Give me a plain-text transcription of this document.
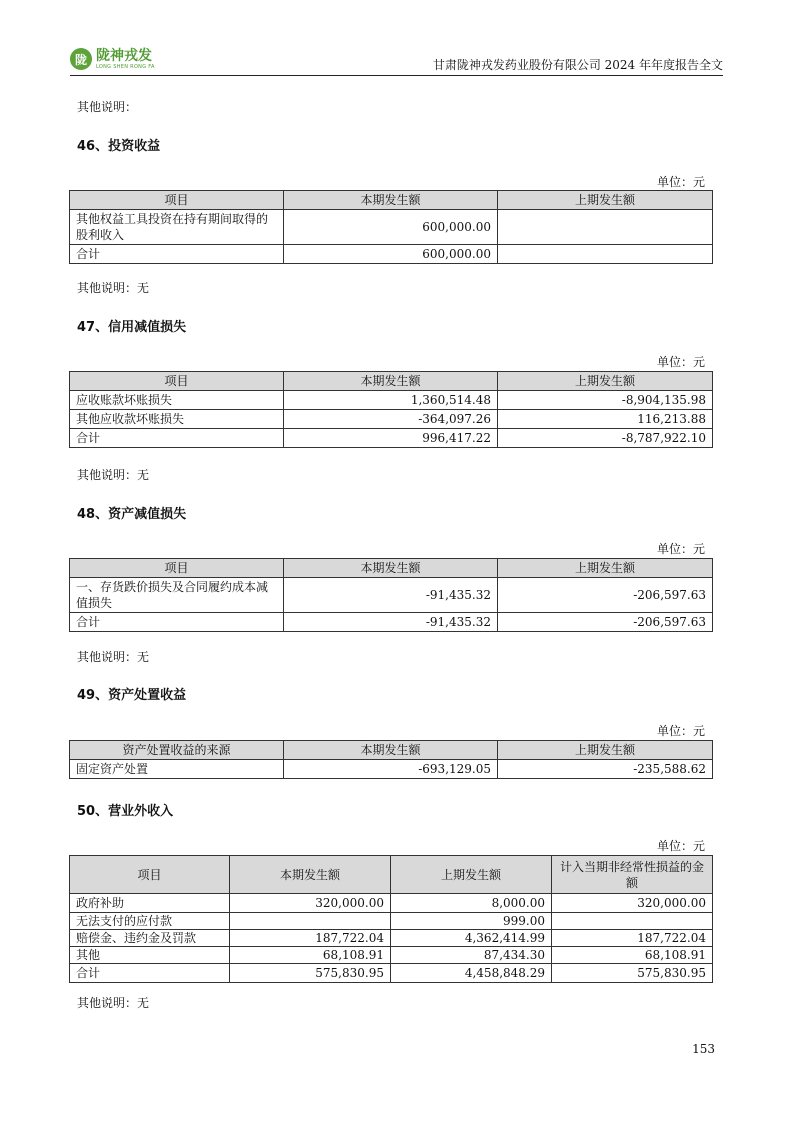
陇 陇神戎发
LONG SHEN RONG FA	甘肃陇神戎发药业股份有限公司 2024 年年度报告全文
其他说明：
46、投资收益
单位：元
项目	本期发生额	上期发生额
其他权益工具投资在持有期间取得的股利收入	600,000.00	
合计	600,000.00	
其他说明：无
47、信用减值损失
单位：元
项目	本期发生额	上期发生额
应收账款坏账损失	1,360,514.48	-8,904,135.98
其他应收款坏账损失	-364,097.26	116,213.88
合计	996,417.22	-8,787,922.10
其他说明：无
48、资产减值损失
单位：元
项目	本期发生额	上期发生额
一、存货跌价损失及合同履约成本减值损失	-91,435.32	-206,597.63
合计	-91,435.32	-206,597.63
其他说明：无
49、资产处置收益
单位：元
资产处置收益的来源	本期发生额	上期发生额
固定资产处置	-693,129.05	-235,588.62
50、营业外收入
单位：元
项目	本期发生额	上期发生额	计入当期非经常性损益的金额
政府补助	320,000.00	8,000.00	320,000.00
无法支付的应付款		999.00	
赔偿金、违约金及罚款	187,722.04	4,362,414.99	187,722.04
其他	68,108.91	87,434.30	68,108.91
合计	575,830.95	4,458,848.29	575,830.95
其他说明：无
153
